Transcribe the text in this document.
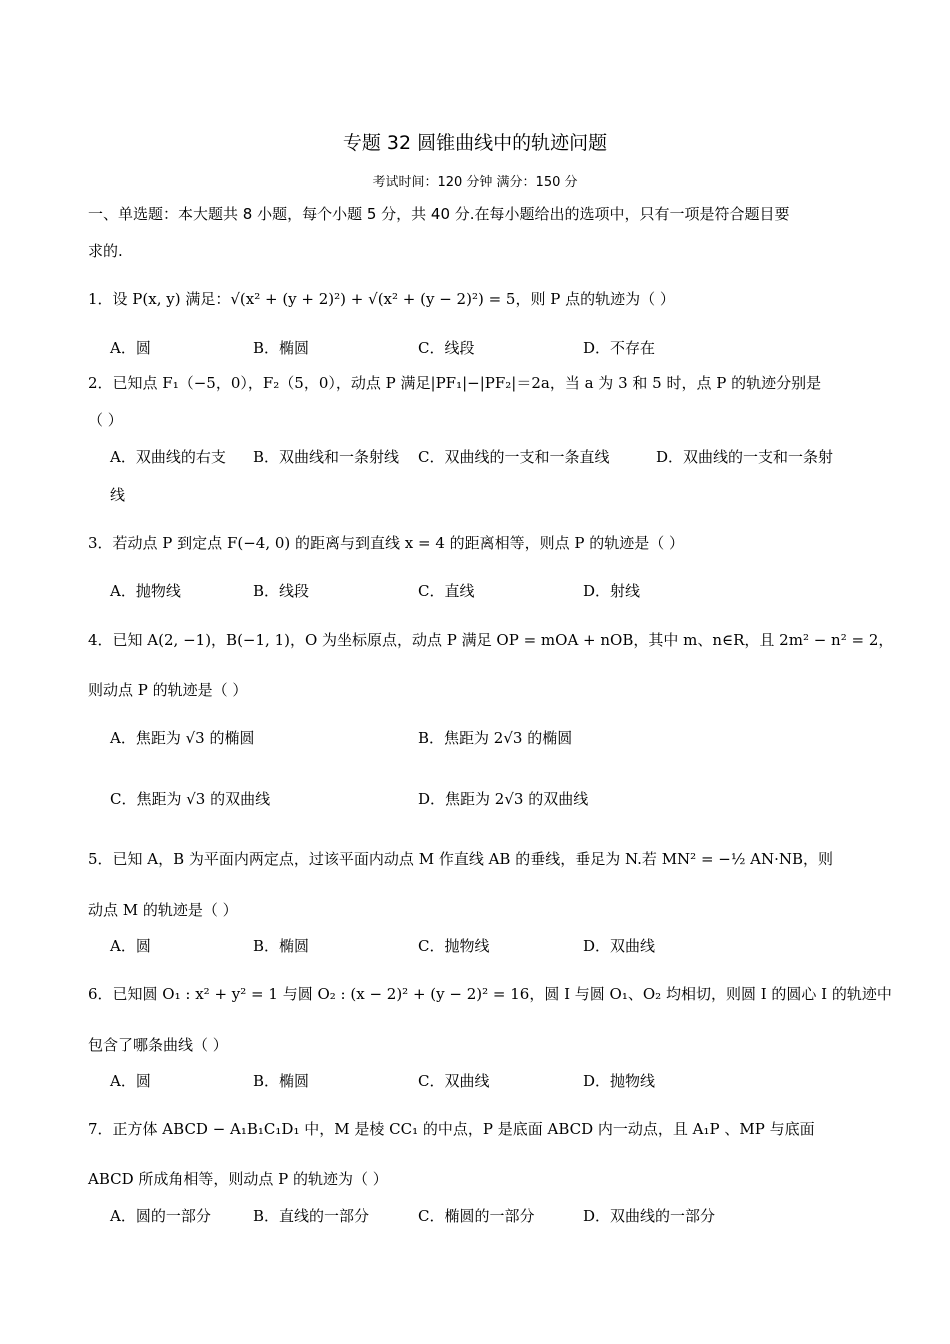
专题 32 圆锥曲线中的轨迹问题
考试时间：120 分钟 满分：150 分
一、单选题：本大题共 8 小题，每个小题 5 分，共 40 分.在每小题给出的选项中，只有一项是符合题目要
求的.
1．设 P(x, y) 满足：√(x² + (y + 2)²) + √(x² + (y − 2)²) = 5，则 P 点的轨迹为（ ）
A．圆	B．椭圆	C．线段	D．不存在
2．已知点 F₁（−5，0），F₂（5，0），动点 P 满足|PF₁|−|PF₂|＝2a，当 a 为 3 和 5 时，点 P 的轨迹分别是
（ ）
A．双曲线的右支 B．双曲线和一条射线 C．双曲线的一支和一条直线	D．双曲线的一支和一条射
线
3．若动点 P 到定点 F(−4, 0) 的距离与到直线 x = 4 的距离相等，则点 P 的轨迹是（ ）
A．抛物线	B．线段	C．直线	D．射线
4．已知 A(2, −1)，B(−1, 1)，O 为坐标原点，动点 P 满足 OP = mOA + nOB，其中 m、n∈R，且 2m² − n² = 2，
则动点 P 的轨迹是（ ）
A．焦距为 √3 的椭圆	B．焦距为 2√3 的椭圆
C．焦距为 √3 的双曲线	D．焦距为 2√3 的双曲线
5．已知 A，B 为平面内两定点，过该平面内动点 M 作直线 AB 的垂线，垂足为 N.若 MN² = −½ AN·NB，则
动点 M 的轨迹是（ ）
A．圆	B．椭圆	C．抛物线	D．双曲线
6．已知圆 O₁ : x² + y² = 1 与圆 O₂ : (x − 2)² + (y − 2)² = 16，圆 I 与圆 O₁、O₂ 均相切，则圆 I 的圆心 I 的轨迹中
包含了哪条曲线（ ）
A．圆	B．椭圆	C．双曲线	D．抛物线
7．正方体 ABCD − A₁B₁C₁D₁ 中，M 是棱 CC₁ 的中点，P 是底面 ABCD 内一动点，且 A₁P 、MP 与底面
ABCD 所成角相等，则动点 P 的轨迹为（ ）
A．圆的一部分	B．直线的一部分	C．椭圆的一部分	D．双曲线的一部分
